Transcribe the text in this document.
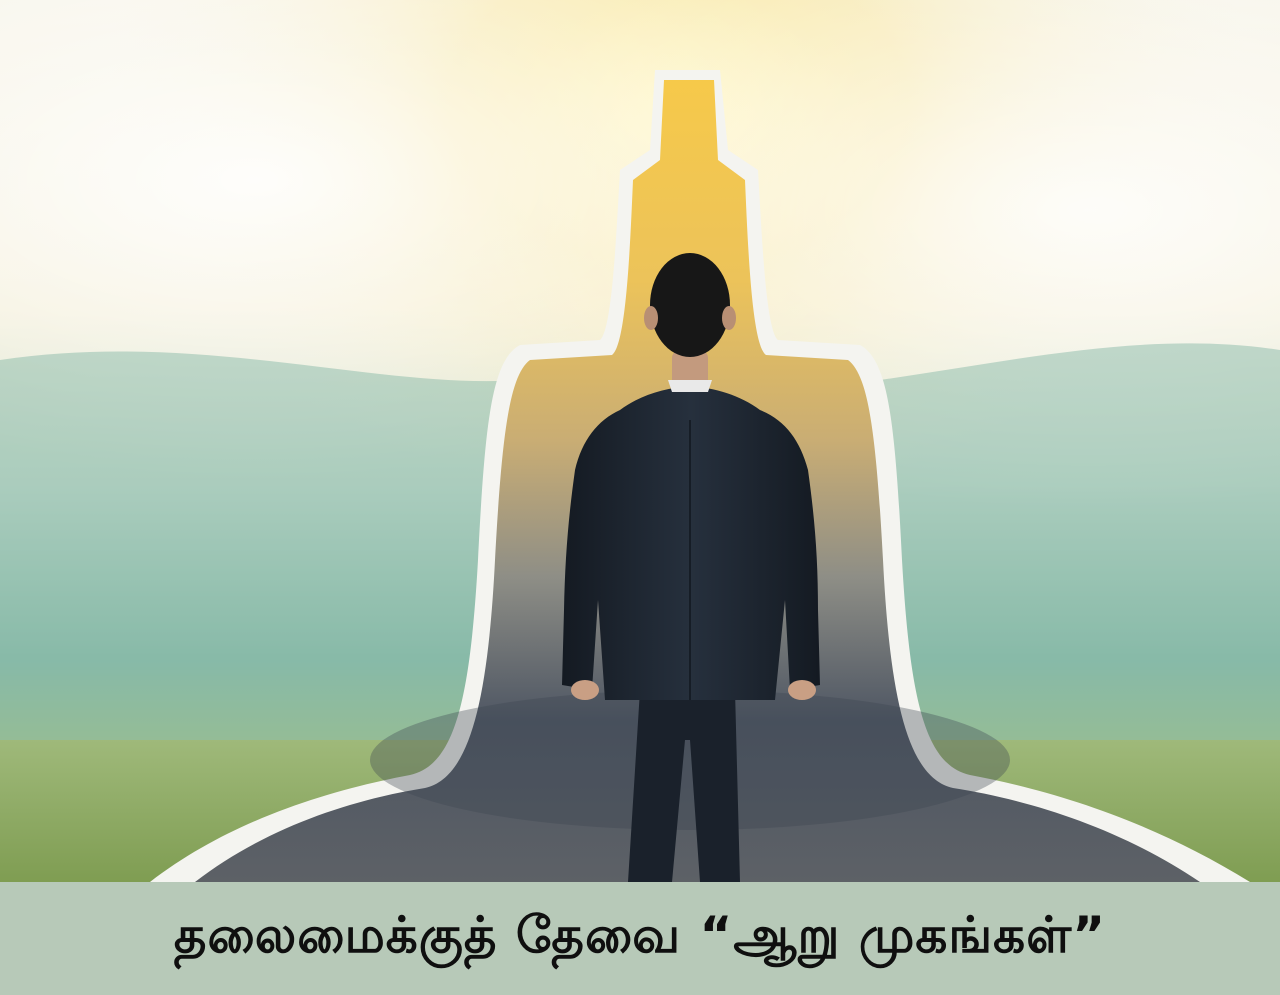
தலைமைக்குத் தேவை “ஆறு முகங்கள்”
